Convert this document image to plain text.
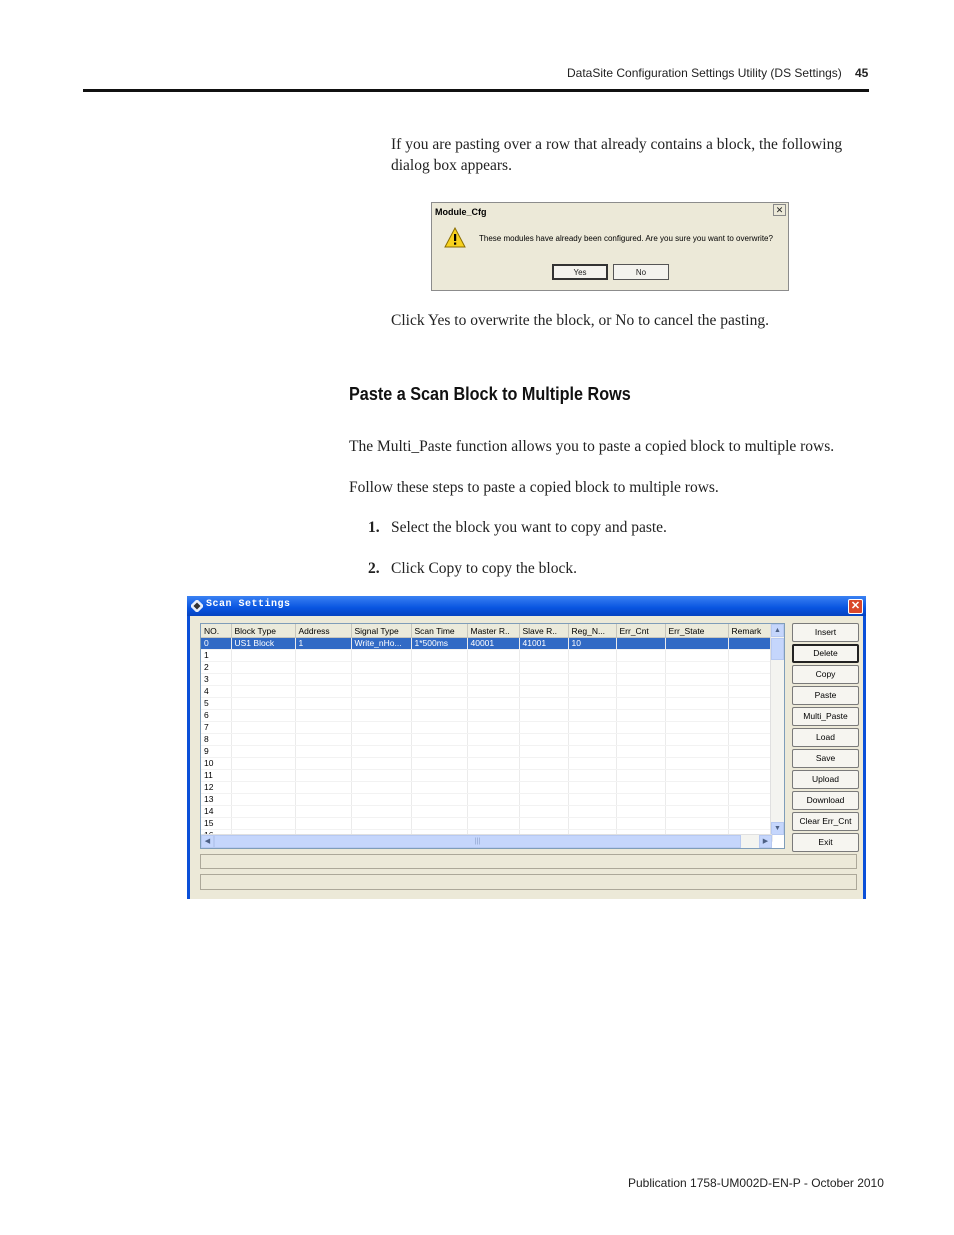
DataSite Configuration Settings Utility (DS Settings) 45
If you are pasting over a row that already contains a block, the following dialog box appears.
Module_Cfg	✕
These modules have already been configured. Are you sure you want to overwrite?
Yes	No
Click Yes to overwrite the block, or No to cancel the pasting.
Paste a Scan Block to Multiple Rows
The Multi_Paste function allows you to paste a copied block to multiple rows.
Follow these steps to paste a copied block to multiple rows.
1. Select the block you want to copy and paste.
2. Click Copy to copy the block.
Scan Settings	✕
NO.	Block Type	Address	Signal Type	Scan Time	Master R..	Slave R..	Reg_N...	Err_Cnt	Err_State	Remark
0	US1 Block	1	Write_nHo...	1*500ms	40001	41001	10			
1										
2										
3										
4										
5										
6										
7										
8										
9										
10										
11										
12										
13										
14										
15										

▲
▼
◀	|||	▶
Insert
Delete
Copy
Paste
Multi_Paste
Load
Save
Upload
Download
Clear Err_Cnt
Exit
Publication 1758-UM002D-EN-P - October 2010
